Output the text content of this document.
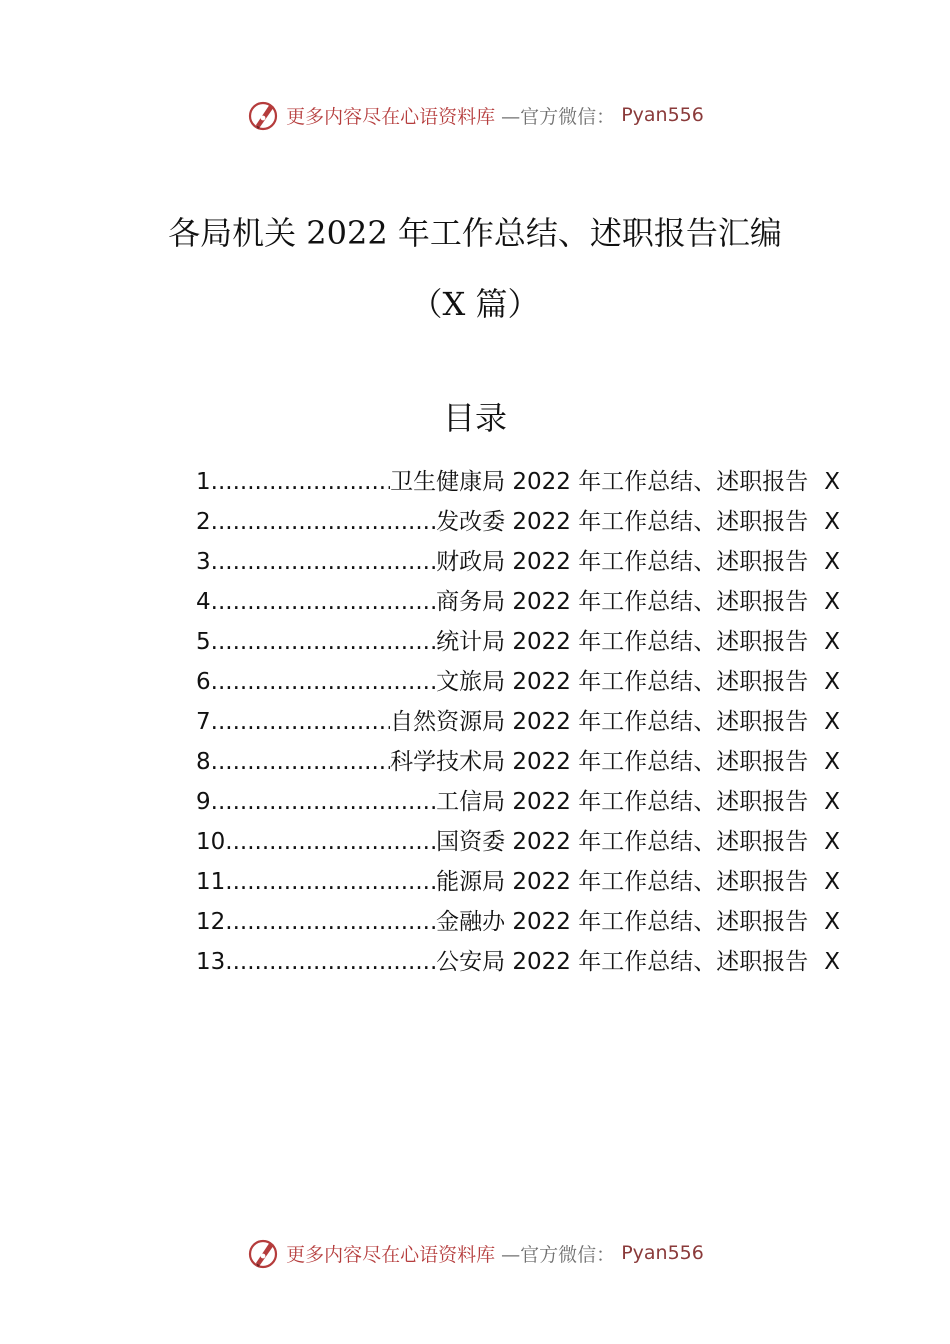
更多内容尽在心语资料库 —官方微信： Pyan556
各局机关 2022 年工作总结、述职报告汇编
（X 篇）
目录
1 .....	卫生健康局 2022 年工作总结、述职报告 X
2 .....	发改委 2022 年工作总结、述职报告 X
3 .....	财政局 2022 年工作总结、述职报告 X
4 .....	商务局 2022 年工作总结、述职报告 X
5 .....	统计局 2022 年工作总结、述职报告 X
6 .....	文旅局 2022 年工作总结、述职报告 X
7 .....	自然资源局 2022 年工作总结、述职报告 X
8 .....	科学技术局 2022 年工作总结、述职报告 X
9 .....	工信局 2022 年工作总结、述职报告 X
10 .....	国资委 2022 年工作总结、述职报告 X
11 .....	能源局 2022 年工作总结、述职报告 X
12 .....	金融办 2022 年工作总结、述职报告 X
13 .....	公安局 2022 年工作总结、述职报告 X
更多内容尽在心语资料库 —官方微信： Pyan556
